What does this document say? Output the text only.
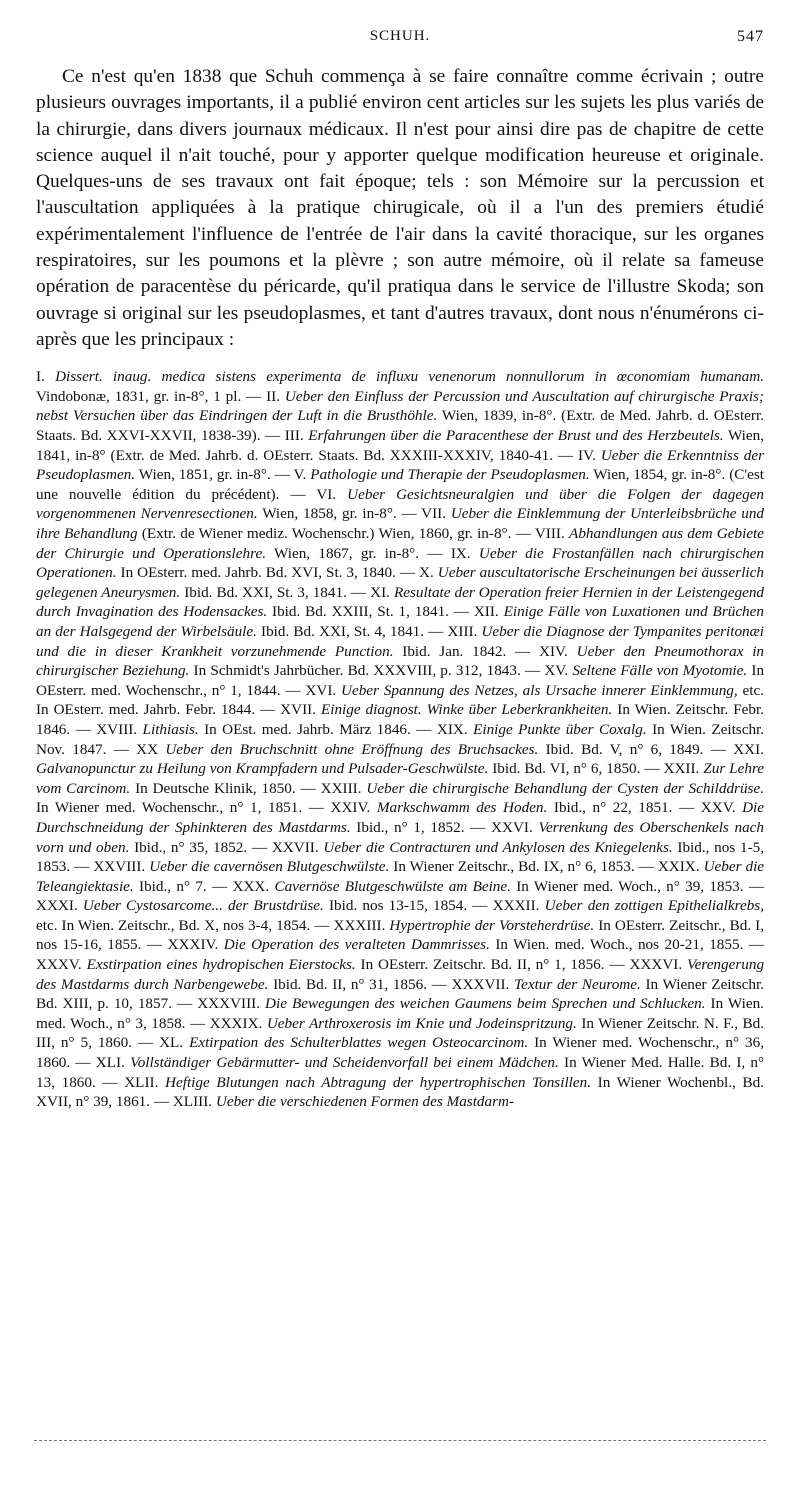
SCHUH.	547

Ce n'est qu'en 1838 que Schuh commença à se faire connaître comme écrivain ; outre plusieurs ouvrages importants, il a publié environ cent articles sur les sujets les plus variés de la chirurgie, dans divers journaux médicaux. Il n'est pour ainsi dire pas de chapitre de cette science auquel il n'ait touché, pour y apporter quelque modification heureuse et originale. Quelques-uns de ses travaux ont fait époque; tels : son Mémoire sur la percussion et l'auscultation appliquées à la pratique chirugicale, où il a l'un des premiers étudié expérimentalement l'influence de l'entrée de l'air dans la cavité thoracique, sur les organes respiratoires, sur les poumons et la plèvre ; son autre mémoire, où il relate sa fameuse opération de paracentèse du péricarde, qu'il pratiqua dans le service de l'illustre Skoda; son ouvrage si original sur les pseudoplasmes, et tant d'autres travaux, dont nous n'énumérons ci-après que les principaux :

I. Dissert. inaug. medica sistens experimenta de influxu venenorum nonnullorum in œconomiam humanam. Vindobonæ, 1831, gr. in-8°, 1 pl. — II. Ueber den Einfluss der Percussion und Auscultation auf chirurgische Praxis; nebst Versuchen über das Eindringen der Luft in die Brusthöhle. Wien, 1839, in-8°. (Extr. de Med. Jahrb. d. OEsterr. Staats. Bd. XXVI-XXVII, 1838-39). — III. Erfahrungen über die Paracenthese der Brust und des Herzbeutels. Wien, 1841, in-8° (Extr. de Med. Jahrb. d. OEsterr. Staats. Bd. XXXIII-XXXIV, 1840-41. — IV. Ueber die Erkenntniss der Pseudoplasmen. Wien, 1851, gr. in-8°. — V. Pathologie und Therapie der Pseudoplasmen. Wien, 1854, gr. in-8°. (C'est une nouvelle édition du précédent). — VI. Ueber Gesichtsneuralgien und über die Folgen der dagegen vorgenommenen Nervenresectionen. Wien, 1858, gr. in-8°. — VII. Ueber die Einklemmung der Unterleibsbrüche und ihre Behandlung (Extr. de Wiener mediz. Wochenschr.) Wien, 1860, gr. in-8°. — VIII. Abhandlungen aus dem Gebiete der Chirurgie und Operationslehre. Wien, 1867, gr. in-8°. — IX. Ueber die Frostanfällen nach chirurgischen Operationen. In OEsterr. med. Jahrb. Bd. XVI, St. 3, 1840. — X. Ueber auscultatorische Erscheinungen bei äusserlich gelegenen Aneurysmen. Ibid. Bd. XXI, St. 3, 1841. — XI. Resultate der Operation freier Hernien in der Leistengegend durch Invagination des Hodensackes. Ibid. Bd. XXIII, St. 1, 1841. — XII. Einige Fälle von Luxationen und Brüchen an der Halsgegend der Wirbelsäule. Ibid. Bd. XXI, St. 4, 1841. — XIII. Ueber die Diagnose der Tympanites peritonæi und die in dieser Krankheit vorzunehmende Punction. Ibid. Jan. 1842. — XIV. Ueber den Pneumothorax in chirurgischer Beziehung. In Schmidt's Jahrbücher. Bd. XXXVIII, p. 312, 1843. — XV. Seltene Fälle von Myotomie. In OEsterr. med. Wochenschr., n° 1, 1844. — XVI. Ueber Spannung des Netzes, als Ursache innerer Einklemmung, etc. In OEsterr. med. Jahrb. Febr. 1844. — XVII. Einige diagnost. Winke über Leberkrankheiten. In Wien. Zeitschr. Febr. 1846. — XVIII. Lithiasis. In OEst. med. Jahrb. März 1846. — XIX. Einige Punkte über Coxalg. In Wien. Zeitschr. Nov. 1847. — XX Ueber den Bruchschnitt ohne Eröffnung des Bruchsackes. Ibid. Bd. V, n° 6, 1849. — XXI. Galvanopunctur zu Heilung von Krampfadern und Pulsader-Geschwülste. Ibid. Bd. VI, n° 6, 1850. — XXII. Zur Lehre vom Carcinom. In Deutsche Klinik, 1850. — XXIII. Ueber die chirurgische Behandlung der Cysten der Schilddrüse. In Wiener med. Wochenschr., n° 1, 1851. — XXIV. Markschwamm des Hoden. Ibid., n° 22, 1851. — XXV. Die Durchschneidung der Sphinkteren des Mastdarms. Ibid., n° 1, 1852. — XXVI. Verrenkung des Oberschenkels nach vorn und oben. Ibid., n° 35, 1852. — XXVII. Ueber die Contracturen und Ankylosen des Kniegelenks. Ibid., nos 1-5, 1853. — XXVIII. Ueber die cavernösen Blutgeschwülste. In Wiener Zeitschr., Bd. IX, n° 6, 1853. — XXIX. Ueber die Teleangiektasie. Ibid., n° 7. — XXX. Cavernöse Blutgeschwülste am Beine. In Wiener med. Woch., n° 39, 1853. — XXXI. Ueber Cystosarcome... der Brustdrüse. Ibid. nos 13-15, 1854. — XXXII. Ueber den zottigen Epithelialkrebs, etc. In Wien. Zeitschr., Bd. X, nos 3-4, 1854. — XXXIII. Hypertrophie der Vorsteherdrüse. In OEsterr. Zeitschr., Bd. I, nos 15-16, 1855. — XXXIV. Die Operation des veralteten Dammrisses. In Wien. med. Woch., nos 20-21, 1855. — XXXV. Exstirpation eines hydropischen Eierstocks. In OEsterr. Zeitschr. Bd. II, n° 1, 1856. — XXXVI. Verengerung des Mastdarms durch Narbengewebe. Ibid. Bd. II, n° 31, 1856. — XXXVII. Textur der Neurome. In Wiener Zeitschr. Bd. XIII, p. 10, 1857. — XXXVIII. Die Bewegungen des weichen Gaumens beim Sprechen und Schlucken. In Wien. med. Woch., n° 3, 1858. — XXXIX. Ueber Arthroxerosis im Knie und Jodeinspritzung. In Wiener Zeitschr. N. F., Bd. III, n° 5, 1860. — XL. Extirpation des Schulterblattes wegen Osteocarcinom. In Wiener med. Wochenschr., n° 36, 1860. — XLI. Vollständiger Gebärmutter- und Scheidenvorfall bei einem Mädchen. In Wiener Med. Halle. Bd. I, n° 13, 1860. — XLII. Heftige Blutungen nach Abtragung der hypertrophischen Tonsillen. In Wiener Wochenbl., Bd. XVII, n° 39, 1861. — XLIII. Ueber die verschiedenen Formen des Mastdarm-
